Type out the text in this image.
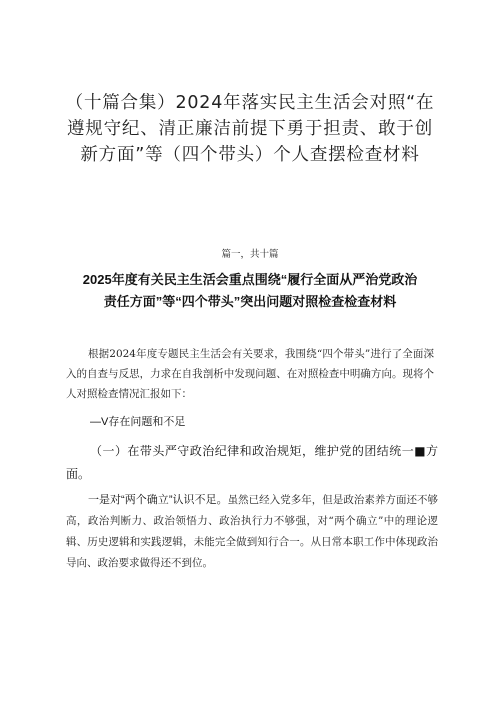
（十篇合集）2024年落实民主生活会对照“在遵规守纪、清正廉洁前提下勇于担责、敢于创新方面”等（四个带头）个人查摆检查材料
篇一，共十篇
2025年度有关民主生活会重点围绕“履行全面从严治党政治责任方面”等“四个带头”突出问题对照检查检查材料

根据2024年度专题民主生活会有关要求，我围绕“四个带头”进行了全面深入的自查与反思，力求在自我剖析中发现问题、在对照检查中明确方向。现将个人对照检查情况汇报如下：

—V存在问题和不足

（一）在带头严守政治纪律和政治规矩，维护党的团结统一■方面。

一是对“两个确立”认识不足。虽然已经入党多年，但是政治素养方面还不够高，政治判断力、政治领悟力、政治执行力不够强，对“两个确立”中的理论逻辑、历史逻辑和实践逻辑，未能完全做到知行合一。从日常本职工作中体现政治导向、政治要求做得还不到位。
